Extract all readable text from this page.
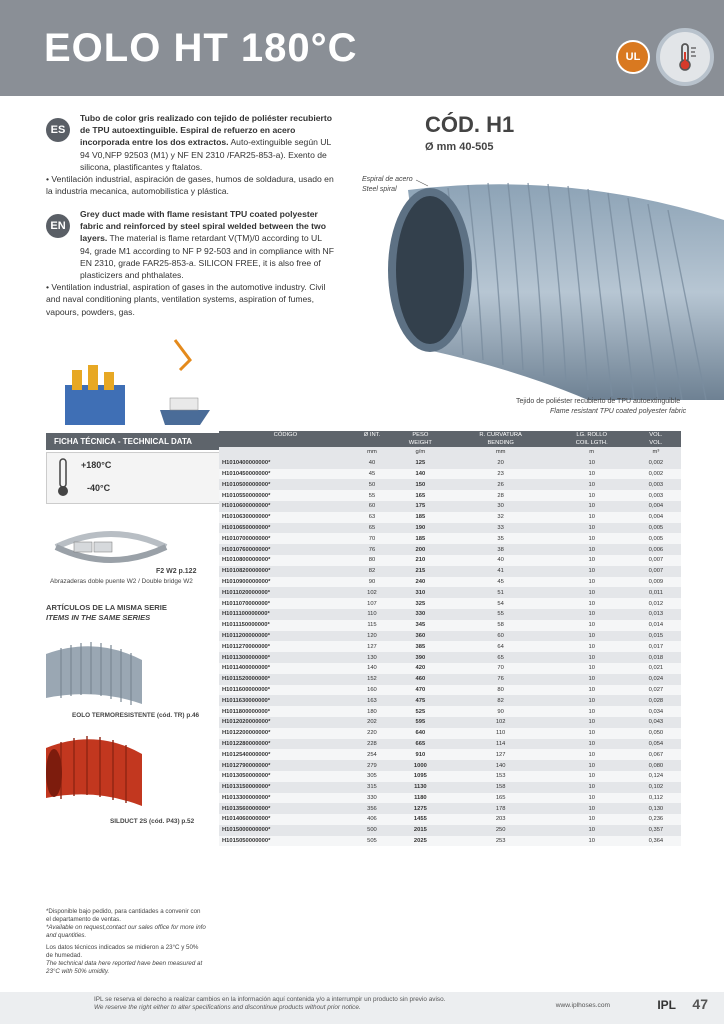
EOLO HT 180°C	UL
ES

Tubo de color gris realizado con tejido de poliéster recubierto de TPU autoextinguible. Espiral de refuerzo en acero incorporada entre los dos extractos. Auto-extinguible según UL 94 V0,NFP 92503 (M1) y NF EN 2310 /FAR25-853-a). Exento de silicona, plastificantes y ftalatos.

• Ventilación industrial, aspiración de gases, humos de soldadura, usado en la industria mecanica, automobilistica y plástica.

EN

Grey duct made with flame resistant TPU coated polyester fabric and reinforced by steel spiral welded between the two layers. The material is flame retardant V(TM)/0 according to UL 94, grade M1 according to NF P 92-503 and in compliance with NF EN 2310, grade FAR25-853-a. SILICON FREE, it is also free of plasticizers and phthalates.

• Ventilation industrial, aspiration of gases in the automotive industry. Civil and naval conditioning plants, ventilation systems, aspiration of fumes, vapours, powders, gas.

CÓD. H1
Ø mm 40-505
Espiral de acero
Steel spiral
Tejido de poliéster recubierto de TPU autoextinguible
Flame resistant TPU coated polyester fabric
FICHA TÉCNICA - TECHNICAL DATA
+180°C
-40°C
CÓDIGO	Ø INT.	PESO	R. CURVATURA	LG. ROLLO	VOL.
		WEIGHT	BENDING	COIL LGTH.	VOL.
	mm	g/m	mm	m	m³
H1010400000000*	40	125	20	10	0,002
H1010450000000*	45	140	23	10	0,002
H1010500000000*	50	150	26	10	0,003
H1010550000000*	55	165	28	10	0,003
H1010600000000*	60	175	30	10	0,004
H1010630000000*	63	185	32	10	0,004
H1010650000000*	65	190	33	10	0,005
H1010700000000*	70	185	35	10	0,005
H1010760000000*	76	200	38	10	0,006
H1010800000000*	80	210	40	10	0,007
H1010820000000*	82	215	41	10	0,007
H1010900000000*	90	240	45	10	0,009
H1011020000000*	102	310	51	10	0,011
H1011070000000*	107	325	54	10	0,012
H1011100000000*	110	330	55	10	0,013
H1011150000000*	115	345	58	10	0,014
H1011200000000*	120	360	60	10	0,015
H1011270000000*	127	385	64	10	0,017
H1011300000000*	130	390	65	10	0,018
H1011400000000*	140	420	70	10	0,021
H1011520000000*	152	460	76	10	0,024
H1011600000000*	160	470	80	10	0,027
H1011630000000*	163	475	82	10	0,028
H1011800000000*	180	525	90	10	0,034
H1012020000000*	202	595	102	10	0,043
H1012200000000*	220	640	110	10	0,050
H1012280000000*	228	665	114	10	0,054
H1012540000000*	254	910	127	10	0,067
H1012790000000*	279	1000	140	10	0,080
H1013050000000*	305	1095	153	10	0,124
H1013150000000*	315	1130	158	10	0,102
H1013300000000*	330	1180	165	10	0,112
H1013560000000*	356	1275	178	10	0,130
H1014060000000*	406	1455	203	10	0,236
H1015000000000*	500	2015	250	10	0,357
H1015050000000*	505	2025	253	10	0,364
F2 W2 p.122
Abrazaderas doble puente W2 / Double bridge W2
ARTÍCULOS DE LA MISMA SERIE
ITEMS IN THE SAME SERIES
EOLO TERMORESISTENTE (cód. TR) p.46
SILDUCT 2S (cód. P43) p.52

*Disponible bajo pedido, para cantidades a convenir con el departamento de ventas.

*Available on request,contact our sales office for more info and quantities.

Los datos técnicos indicados se midieron a 23°C y 50% de humedad.

The technical data here reported have been measured at 23°C with 50% umidity.

IPL se reserva el derecho a realizar cambios en la información aquí contenida y/o a interrumpir un producto sin previo aviso.
We reserve the right either to alter specifications and discontinue products without prior notice.	www.iplhoses.com	IPL 47
